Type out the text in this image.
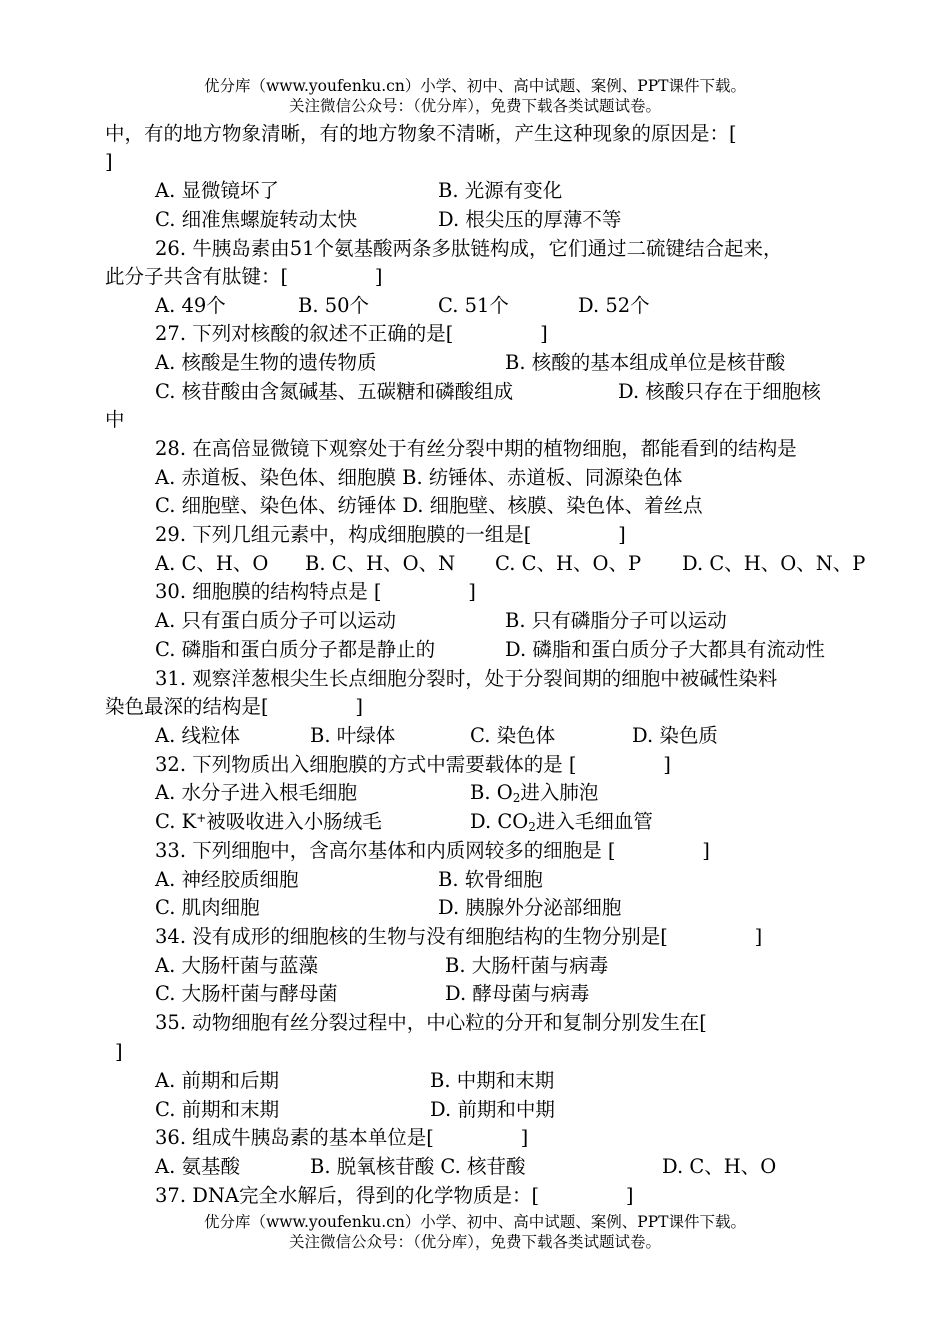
优分库（www.youfenku.cn）小学、初中、高中试题、案例、PPT课件下载。
关注微信公众号：（优分库），免费下载各类试题试卷。
中，有的地方物象清晰，有的地方物象不清晰，产生这种现象的原因是：[
]
A. 显微镜坏了	B. 光源有变化
C. 细准焦螺旋转动太快	D. 根尖压的厚薄不等
26. 牛胰岛素由51个氨基酸两条多肽链构成，它们通过二硫键结合起来，
此分子共含有肽键：[              ]
A. 49个	B. 50个	C. 51个	D. 52个
27. 下列对核酸的叙述不正确的是[              ]
A. 核酸是生物的遗传物质	B. 核酸的基本组成单位是核苷酸
C. 核苷酸由含氮碱基、五碳糖和磷酸组成	D. 核酸只存在于细胞核
中
28. 在高倍显微镜下观察处于有丝分裂中期的植物细胞，都能看到的结构是
A. 赤道板、染色体、细胞膜 B. 纺锤体、赤道板、同源染色体
C. 细胞壁、染色体、纺锤体 D. 细胞壁、核膜、染色体、着丝点
29. 下列几组元素中，构成细胞膜的一组是[              ]
A. C、H、O B. C、H、O、N C. C、H、O、P D. C、H、O、N、P
30. 细胞膜的结构特点是 [              ]
A. 只有蛋白质分子可以运动	B. 只有磷脂分子可以运动
C. 磷脂和蛋白质分子都是静止的	D. 磷脂和蛋白质分子大都具有流动性
31. 观察洋葱根尖生长点细胞分裂时，处于分裂间期的细胞中被碱性染料
染色最深的结构是[              ]
A. 线粒体	B. 叶绿体	C. 染色体	D. 染色质
32. 下列物质出入细胞膜的方式中需要载体的是 [              ]
A. 水分子进入根毛细胞	B. $O_2$进入肺泡
C. K+被吸收进入小肠绒毛	D. $CO_2$进入毛细血管
33. 下列细胞中，含高尔基体和内质网较多的细胞是 [              ]
A. 神经胶质细胞	B. 软骨细胞
C. 肌肉细胞	D. 胰腺外分泌部细胞
34. 没有成形的细胞核的生物与没有细胞结构的生物分别是[              ]
A. 大肠杆菌与蓝藻	B. 大肠杆菌与病毒
C. 大肠杆菌与酵母菌	D. 酵母菌与病毒
35. 动物细胞有丝分裂过程中，中心粒的分开和复制分别发生在[
]
A. 前期和后期	B. 中期和末期
C. 前期和末期	D. 前期和中期
36. 组成牛胰岛素的基本单位是[              ]
A. 氨基酸	B. 脱氧核苷酸 C. 核苷酸	D. C、H、O
37. DNA完全水解后，得到的化学物质是：[              ]
优分库（www.youfenku.cn）小学、初中、高中试题、案例、PPT课件下载。
关注微信公众号：（优分库），免费下载各类试题试卷。
